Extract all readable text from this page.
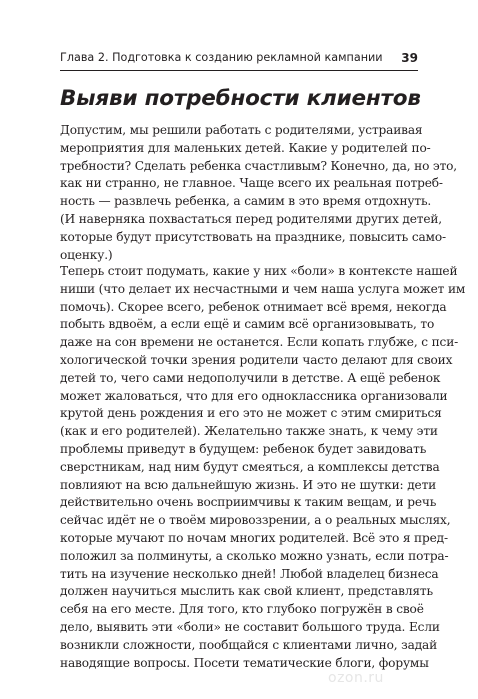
Глава 2. Подготовка к созданию рекламной кампании 39
Выяви потребности клиентов
Допустим, мы решили работать с родителями, устраивая
мероприятия для маленьких детей. Какие у родителей по-
требности? Сделать ребенка счастливым? Конечно, да, но это,
как ни странно, не главное. Чаще всего их реальная потреб-
ность — развлечь ребенка, а самим в это время отдохнуть.
(И наверняка похвастаться перед родителями других детей,
которые будут присутствовать на празднике, повысить само-
оценку.)
Теперь стоит подумать, какие у них «боли» в контексте нашей
ниши (что делает их несчастными и чем наша услуга может им
помочь). Скорее всего, ребенок отнимает всё время, некогда
побыть вдвоём, а если ещё и самим всё организовывать, то
даже на сон времени не останется. Если копать глубже, с пси-
хологической точки зрения родители часто делают для своих
детей то, чего сами недополучили в детстве. А ещё ребенок
может жаловаться, что для его одноклассника организовали
крутой день рождения и его это не может с этим смириться
(как и его родителей). Желательно также знать, к чему эти
проблемы приведут в будущем: ребенок будет завидовать
сверстникам, над ним будут смеяться, а комплексы детства
повлияют на всю дальнейшую жизнь. И это не шутки: дети
действительно очень восприимчивы к таким вещам, и речь
сейчас идёт не о твоём мировоззрении, а о реальных мыслях,
которые мучают по ночам многих родителей. Всё это я пред-
положил за полминуты, а сколько можно узнать, если потра-
тить на изучение несколько дней! Любой владелец бизнеса
должен научиться мыслить как свой клиент, представлять
себя на его месте. Для того, кто глубоко погружён в своё
дело, выявить эти «боли» не составит большого труда. Если
возникли сложности, пообщайся с клиентами лично, задай
наводящие вопросы. Посети тематические блоги, форумы
ozon.ru
